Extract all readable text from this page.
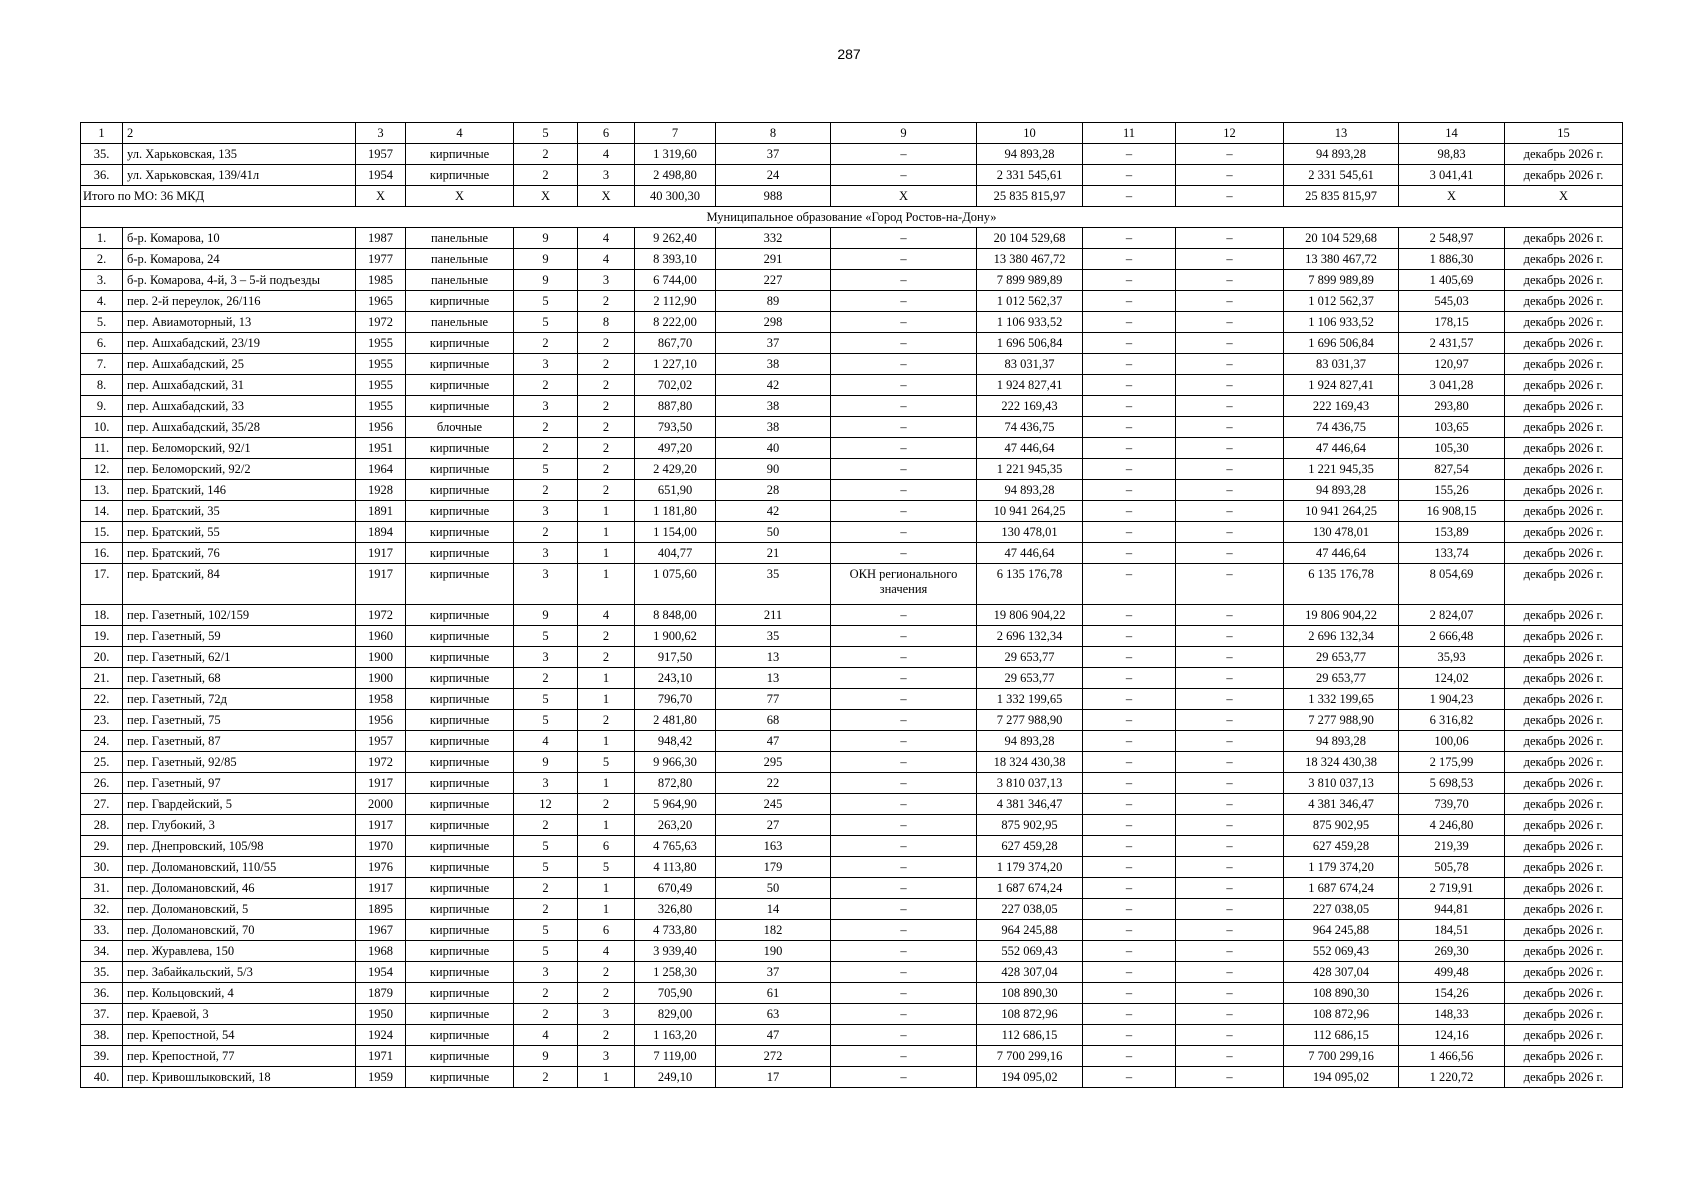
287
1	2	3	4	5	6	7	8	9	10	11	12	13	14	15
35.	ул. Харьковская, 135	1957	кирпичные	2	4	1 319,60	37	–	94 893,28	–	–	94 893,28	98,83	декабрь 2026 г.
36.	ул. Харьковская, 139/41л	1954	кирпичные	2	3	2 498,80	24	–	2 331 545,61	–	–	2 331 545,61	3 041,41	декабрь 2026 г.
Итого по МО: 36 МКД		X	X	X	X	40 300,30	988	X	25 835 815,97	–	–	25 835 815,97	X	X
Муниципальное образование «Город Ростов-на-Дону»														
1.	б-р. Комарова, 10	1987	панельные	9	4	9 262,40	332	–	20 104 529,68	–	–	20 104 529,68	2 548,97	декабрь 2026 г.
2.	б-р. Комарова, 24	1977	панельные	9	4	8 393,10	291	–	13 380 467,72	–	–	13 380 467,72	1 886,30	декабрь 2026 г.
3.	б-р. Комарова, 4-й, 3 – 5-й подъезды	1985	панельные	9	3	6 744,00	227	–	7 899 989,89	–	–	7 899 989,89	1 405,69	декабрь 2026 г.
4.	пер. 2-й переулок, 26/116	1965	кирпичные	5	2	2 112,90	89	–	1 012 562,37	–	–	1 012 562,37	545,03	декабрь 2026 г.
5.	пер. Авиамоторный, 13	1972	панельные	5	8	8 222,00	298	–	1 106 933,52	–	–	1 106 933,52	178,15	декабрь 2026 г.
6.	пер. Ашхабадский, 23/19	1955	кирпичные	2	2	867,70	37	–	1 696 506,84	–	–	1 696 506,84	2 431,57	декабрь 2026 г.
7.	пер. Ашхабадский, 25	1955	кирпичные	3	2	1 227,10	38	–	83 031,37	–	–	83 031,37	120,97	декабрь 2026 г.
8.	пер. Ашхабадский, 31	1955	кирпичные	2	2	702,02	42	–	1 924 827,41	–	–	1 924 827,41	3 041,28	декабрь 2026 г.
9.	пер. Ашхабадский, 33	1955	кирпичные	3	2	887,80	38	–	222 169,43	–	–	222 169,43	293,80	декабрь 2026 г.
10.	пер. Ашхабадский, 35/28	1956	блочные	2	2	793,50	38	–	74 436,75	–	–	74 436,75	103,65	декабрь 2026 г.
11.	пер. Беломорский, 92/1	1951	кирпичные	2	2	497,20	40	–	47 446,64	–	–	47 446,64	105,30	декабрь 2026 г.
12.	пер. Беломорский, 92/2	1964	кирпичные	5	2	2 429,20	90	–	1 221 945,35	–	–	1 221 945,35	827,54	декабрь 2026 г.
13.	пер. Братский, 146	1928	кирпичные	2	2	651,90	28	–	94 893,28	–	–	94 893,28	155,26	декабрь 2026 г.
14.	пер. Братский, 35	1891	кирпичные	3	1	1 181,80	42	–	10 941 264,25	–	–	10 941 264,25	16 908,15	декабрь 2026 г.
15.	пер. Братский, 55	1894	кирпичные	2	1	1 154,00	50	–	130 478,01	–	–	130 478,01	153,89	декабрь 2026 г.
16.	пер. Братский, 76	1917	кирпичные	3	1	404,77	21	–	47 446,64	–	–	47 446,64	133,74	декабрь 2026 г.
17.	пер. Братский, 84	1917	кирпичные	3	1	1 075,60	35	ОКН регионального значения	6 135 176,78	–	–	6 135 176,78	8 054,69	декабрь 2026 г.
18.	пер. Газетный, 102/159	1972	кирпичные	9	4	8 848,00	211	–	19 806 904,22	–	–	19 806 904,22	2 824,07	декабрь 2026 г.
19.	пер. Газетный, 59	1960	кирпичные	5	2	1 900,62	35	–	2 696 132,34	–	–	2 696 132,34	2 666,48	декабрь 2026 г.
20.	пер. Газетный, 62/1	1900	кирпичные	3	2	917,50	13	–	29 653,77	–	–	29 653,77	35,93	декабрь 2026 г.
21.	пер. Газетный, 68	1900	кирпичные	2	1	243,10	13	–	29 653,77	–	–	29 653,77	124,02	декабрь 2026 г.
22.	пер. Газетный, 72д	1958	кирпичные	5	1	796,70	77	–	1 332 199,65	–	–	1 332 199,65	1 904,23	декабрь 2026 г.
23.	пер. Газетный, 75	1956	кирпичные	5	2	2 481,80	68	–	7 277 988,90	–	–	7 277 988,90	6 316,82	декабрь 2026 г.
24.	пер. Газетный, 87	1957	кирпичные	4	1	948,42	47	–	94 893,28	–	–	94 893,28	100,06	декабрь 2026 г.
25.	пер. Газетный, 92/85	1972	кирпичные	9	5	9 966,30	295	–	18 324 430,38	–	–	18 324 430,38	2 175,99	декабрь 2026 г.
26.	пер. Газетный, 97	1917	кирпичные	3	1	872,80	22	–	3 810 037,13	–	–	3 810 037,13	5 698,53	декабрь 2026 г.
27.	пер. Гвардейский, 5	2000	кирпичные	12	2	5 964,90	245	–	4 381 346,47	–	–	4 381 346,47	739,70	декабрь 2026 г.
28.	пер. Глубокий, 3	1917	кирпичные	2	1	263,20	27	–	875 902,95	–	–	875 902,95	4 246,80	декабрь 2026 г.
29.	пер. Днепровский, 105/98	1970	кирпичные	5	6	4 765,63	163	–	627 459,28	–	–	627 459,28	219,39	декабрь 2026 г.
30.	пер. Доломановский, 110/55	1976	кирпичные	5	5	4 113,80	179	–	1 179 374,20	–	–	1 179 374,20	505,78	декабрь 2026 г.
31.	пер. Доломановский, 46	1917	кирпичные	2	1	670,49	50	–	1 687 674,24	–	–	1 687 674,24	2 719,91	декабрь 2026 г.
32.	пер. Доломановский, 5	1895	кирпичные	2	1	326,80	14	–	227 038,05	–	–	227 038,05	944,81	декабрь 2026 г.
33.	пер. Доломановский, 70	1967	кирпичные	5	6	4 733,80	182	–	964 245,88	–	–	964 245,88	184,51	декабрь 2026 г.
34.	пер. Журавлева, 150	1968	кирпичные	5	4	3 939,40	190	–	552 069,43	–	–	552 069,43	269,30	декабрь 2026 г.
35.	пер. Забайкальский, 5/3	1954	кирпичные	3	2	1 258,30	37	–	428 307,04	–	–	428 307,04	499,48	декабрь 2026 г.
36.	пер. Кольцовский, 4	1879	кирпичные	2	2	705,90	61	–	108 890,30	–	–	108 890,30	154,26	декабрь 2026 г.
37.	пер. Краевой, 3	1950	кирпичные	2	3	829,00	63	–	108 872,96	–	–	108 872,96	148,33	декабрь 2026 г.
38.	пер. Крепостной, 54	1924	кирпичные	4	2	1 163,20	47	–	112 686,15	–	–	112 686,15	124,16	декабрь 2026 г.
39.	пер. Крепостной, 77	1971	кирпичные	9	3	7 119,00	272	–	7 700 299,16	–	–	7 700 299,16	1 466,56	декабрь 2026 г.
40.	пер. Кривошлыковский, 18	1959	кирпичные	2	1	249,10	17	–	194 095,02	–	–	194 095,02	1 220,72	декабрь 2026 г.
